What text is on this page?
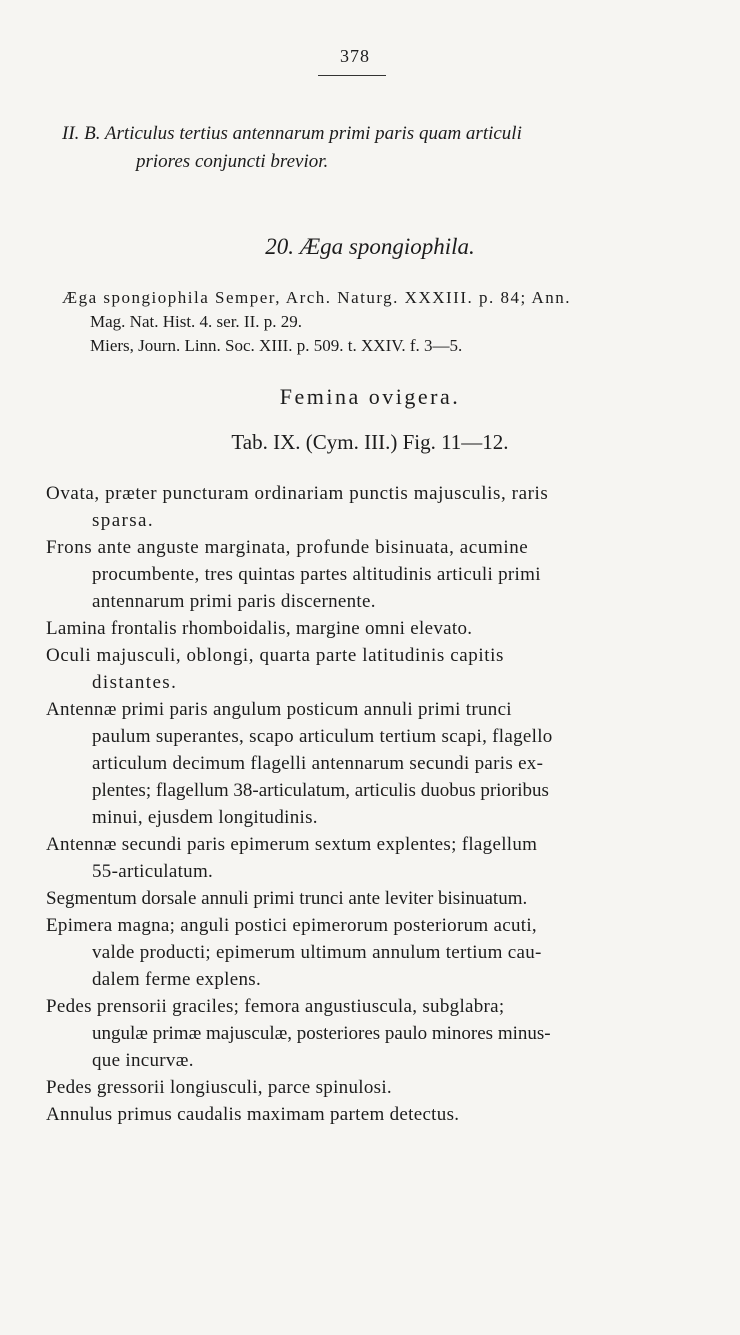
378
II. B. Articulus tertius antennarum primi paris quam articuli
priores conjuncti brevior.
20. Æga spongiophila.
Æga spongiophila Semper, Arch. Naturg. XXXIII. p. 84; Ann.
Mag. Nat. Hist. 4. ser. II. p. 29.
Miers, Journ. Linn. Soc. XIII. p. 509. t. XXIV. f. 3—5.
Femina ovigera.
Tab. IX. (Cym. III.) Fig. 11—12.
Ovata, præter puncturam ordinariam punctis majusculis, raris
sparsa.
Frons ante anguste marginata, profunde bisinuata, acumine
procumbente, tres quintas partes altitudinis articuli primi
antennarum primi paris discernente.
Lamina frontalis rhomboidalis, margine omni elevato.
Oculi majusculi, oblongi, quarta parte latitudinis capitis
distantes.
Antennæ primi paris angulum posticum annuli primi trunci
paulum superantes, scapo articulum tertium scapi, flagello
articulum decimum flagelli antennarum secundi paris ex-
plentes; flagellum 38-articulatum, articulis duobus prioribus
minui, ejusdem longitudinis.
Antennæ secundi paris epimerum sextum explentes; flagellum
55-articulatum.
Segmentum dorsale annuli primi trunci ante leviter bisinuatum.
Epimera magna; anguli postici epimerorum posteriorum acuti,
valde producti; epimerum ultimum annulum tertium cau-
dalem ferme explens.
Pedes prensorii graciles; femora angustiuscula, subglabra;
ungulæ primæ majusculæ, posteriores paulo minores minus-
que incurvæ.
Pedes gressorii longiusculi, parce spinulosi.
Annulus primus caudalis maximam partem detectus.
